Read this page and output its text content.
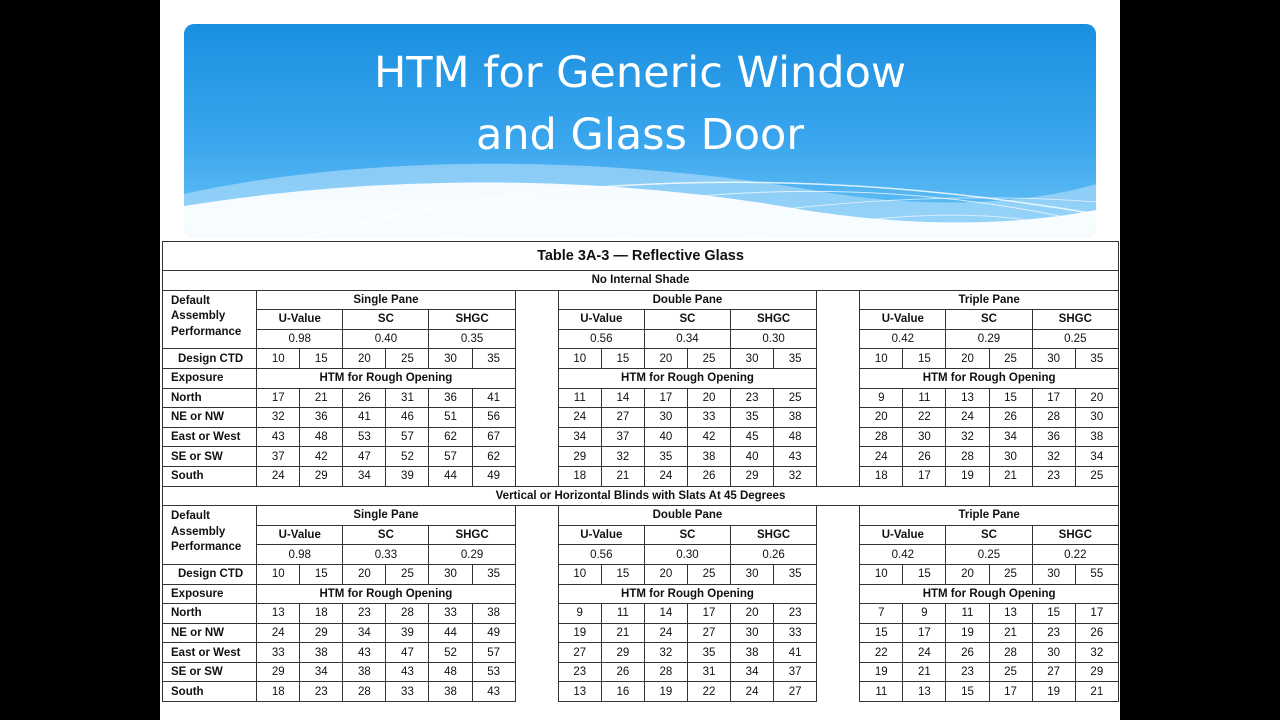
HTM for Generic Window
and Glass Door
Table 3A-3 — Reflective Glass																				
No Internal Shade																				
Default Assembly Performance	Single Pane							Double Pane							Triple Pane					
	U-Value		SC		SHGC			U-Value		SC		SHGC			U-Value		SC		SHGC	
	0.98		0.40		0.35			0.56		0.34		0.30			0.42		0.29		0.25	
Design CTD	10	15	20	25	30	35		10	15	20	25	30	35		10	15	20	25	30	35
Exposure	HTM for Rough Opening							HTM for Rough Opening							HTM for Rough Opening					
North	17	21	26	31	36	41		11	14	17	20	23	25		9	11	13	15	17	20
NE or NW	32	36	41	46	51	56		24	27	30	33	35	38		20	22	24	26	28	30
East or West	43	48	53	57	62	67		34	37	40	42	45	48		28	30	32	34	36	38
SE or SW	37	42	47	52	57	62		29	32	35	38	40	43		24	26	28	30	32	34
South	24	29	34	39	44	49		18	21	24	26	29	32		18	17	19	21	23	25
Vertical or Horizontal Blinds with Slats At 45 Degrees																				
Default Assembly Performance	Single Pane							Double Pane							Triple Pane					
	U-Value		SC		SHGC			U-Value		SC		SHGC			U-Value		SC		SHGC	
	0.98		0.33		0.29			0.56		0.30		0.26			0.42		0.25		0.22	
Design CTD	10	15	20	25	30	35		10	15	20	25	30	35		10	15	20	25	30	55
Exposure	HTM for Rough Opening							HTM for Rough Opening							HTM for Rough Opening					
North	13	18	23	28	33	38		9	11	14	17	20	23		7	9	11	13	15	17
NE or NW	24	29	34	39	44	49		19	21	24	27	30	33		15	17	19	21	23	26
East or West	33	38	43	47	52	57		27	29	32	35	38	41		22	24	26	28	30	32
SE or SW	29	34	38	43	48	53		23	26	28	31	34	37		19	21	23	25	27	29
South	18	23	28	33	38	43		13	16	19	22	24	27		11	13	15	17	19	21
